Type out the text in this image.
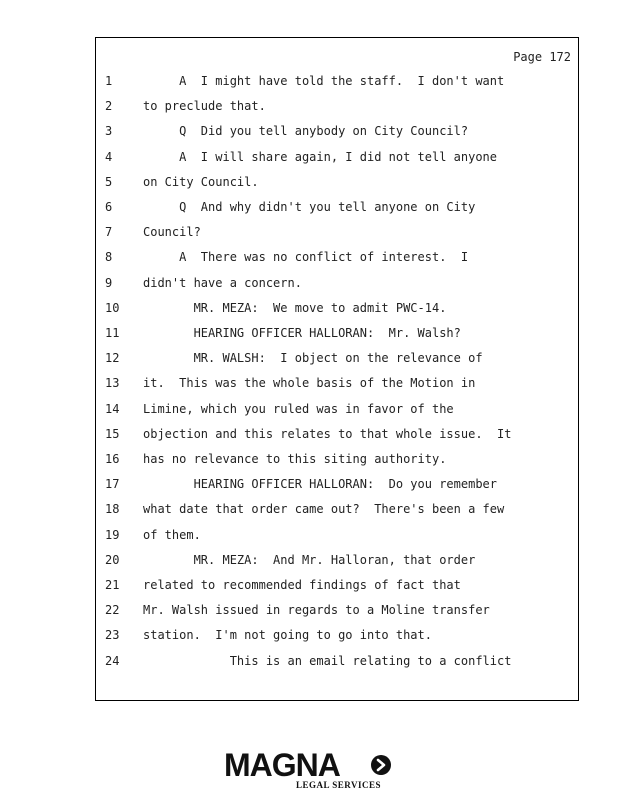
Page 172
1	A  I might have told the staff.  I don't want
2	to preclude that.
3	Q  Did you tell anybody on City Council?
4	A  I will share again, I did not tell anyone
5	on City Council.
6	Q  And why didn't you tell anyone on City
7	Council?
8	A  There was no conflict of interest.  I
9	didn't have a concern.
10	MR. MEZA:  We move to admit PWC-14.
11	HEARING OFFICER HALLORAN:  Mr. Walsh?
12	MR. WALSH:  I object on the relevance of
13	it.  This was the whole basis of the Motion in
14	Limine, which you ruled was in favor of the
15	objection and this relates to that whole issue.  It
16	has no relevance to this siting authority.
17	HEARING OFFICER HALLORAN:  Do you remember
18	what date that order came out?  There's been a few
19	of them.
20	MR. MEZA:  And Mr. Halloran, that order
21	related to recommended findings of fact that
22	Mr. Walsh issued in regards to a Moline transfer
23	station.  I'm not going to go into that.
24	This is an email relating to a conflict
MAGNA
LEGAL SERVICES
